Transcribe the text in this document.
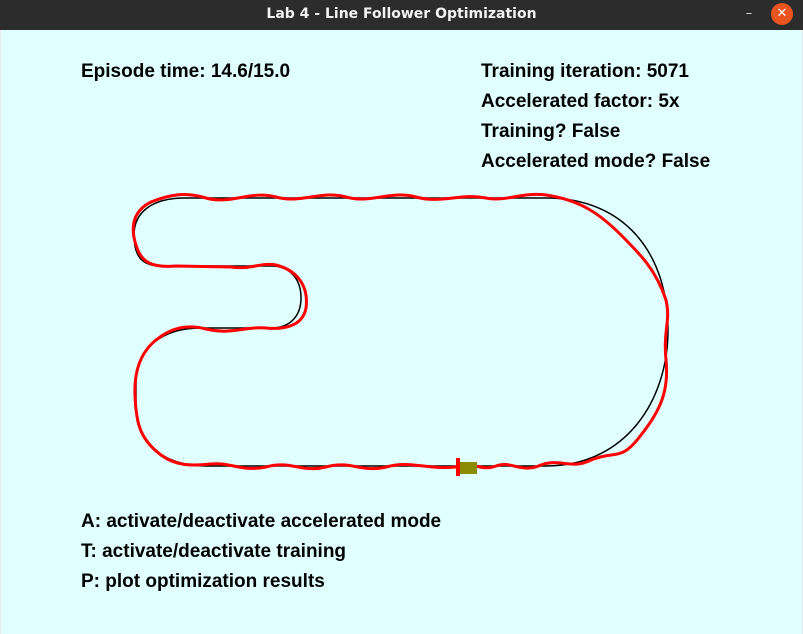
Lab 4 - Line Follower Optimization	–	✕
Episode time: 14.6/15.0	Training iteration: 5071
Accelerated factor: 5x
Training? False
Accelerated mode? False
A: activate/deactivate accelerated mode
T: activate/deactivate training
P: plot optimization results
